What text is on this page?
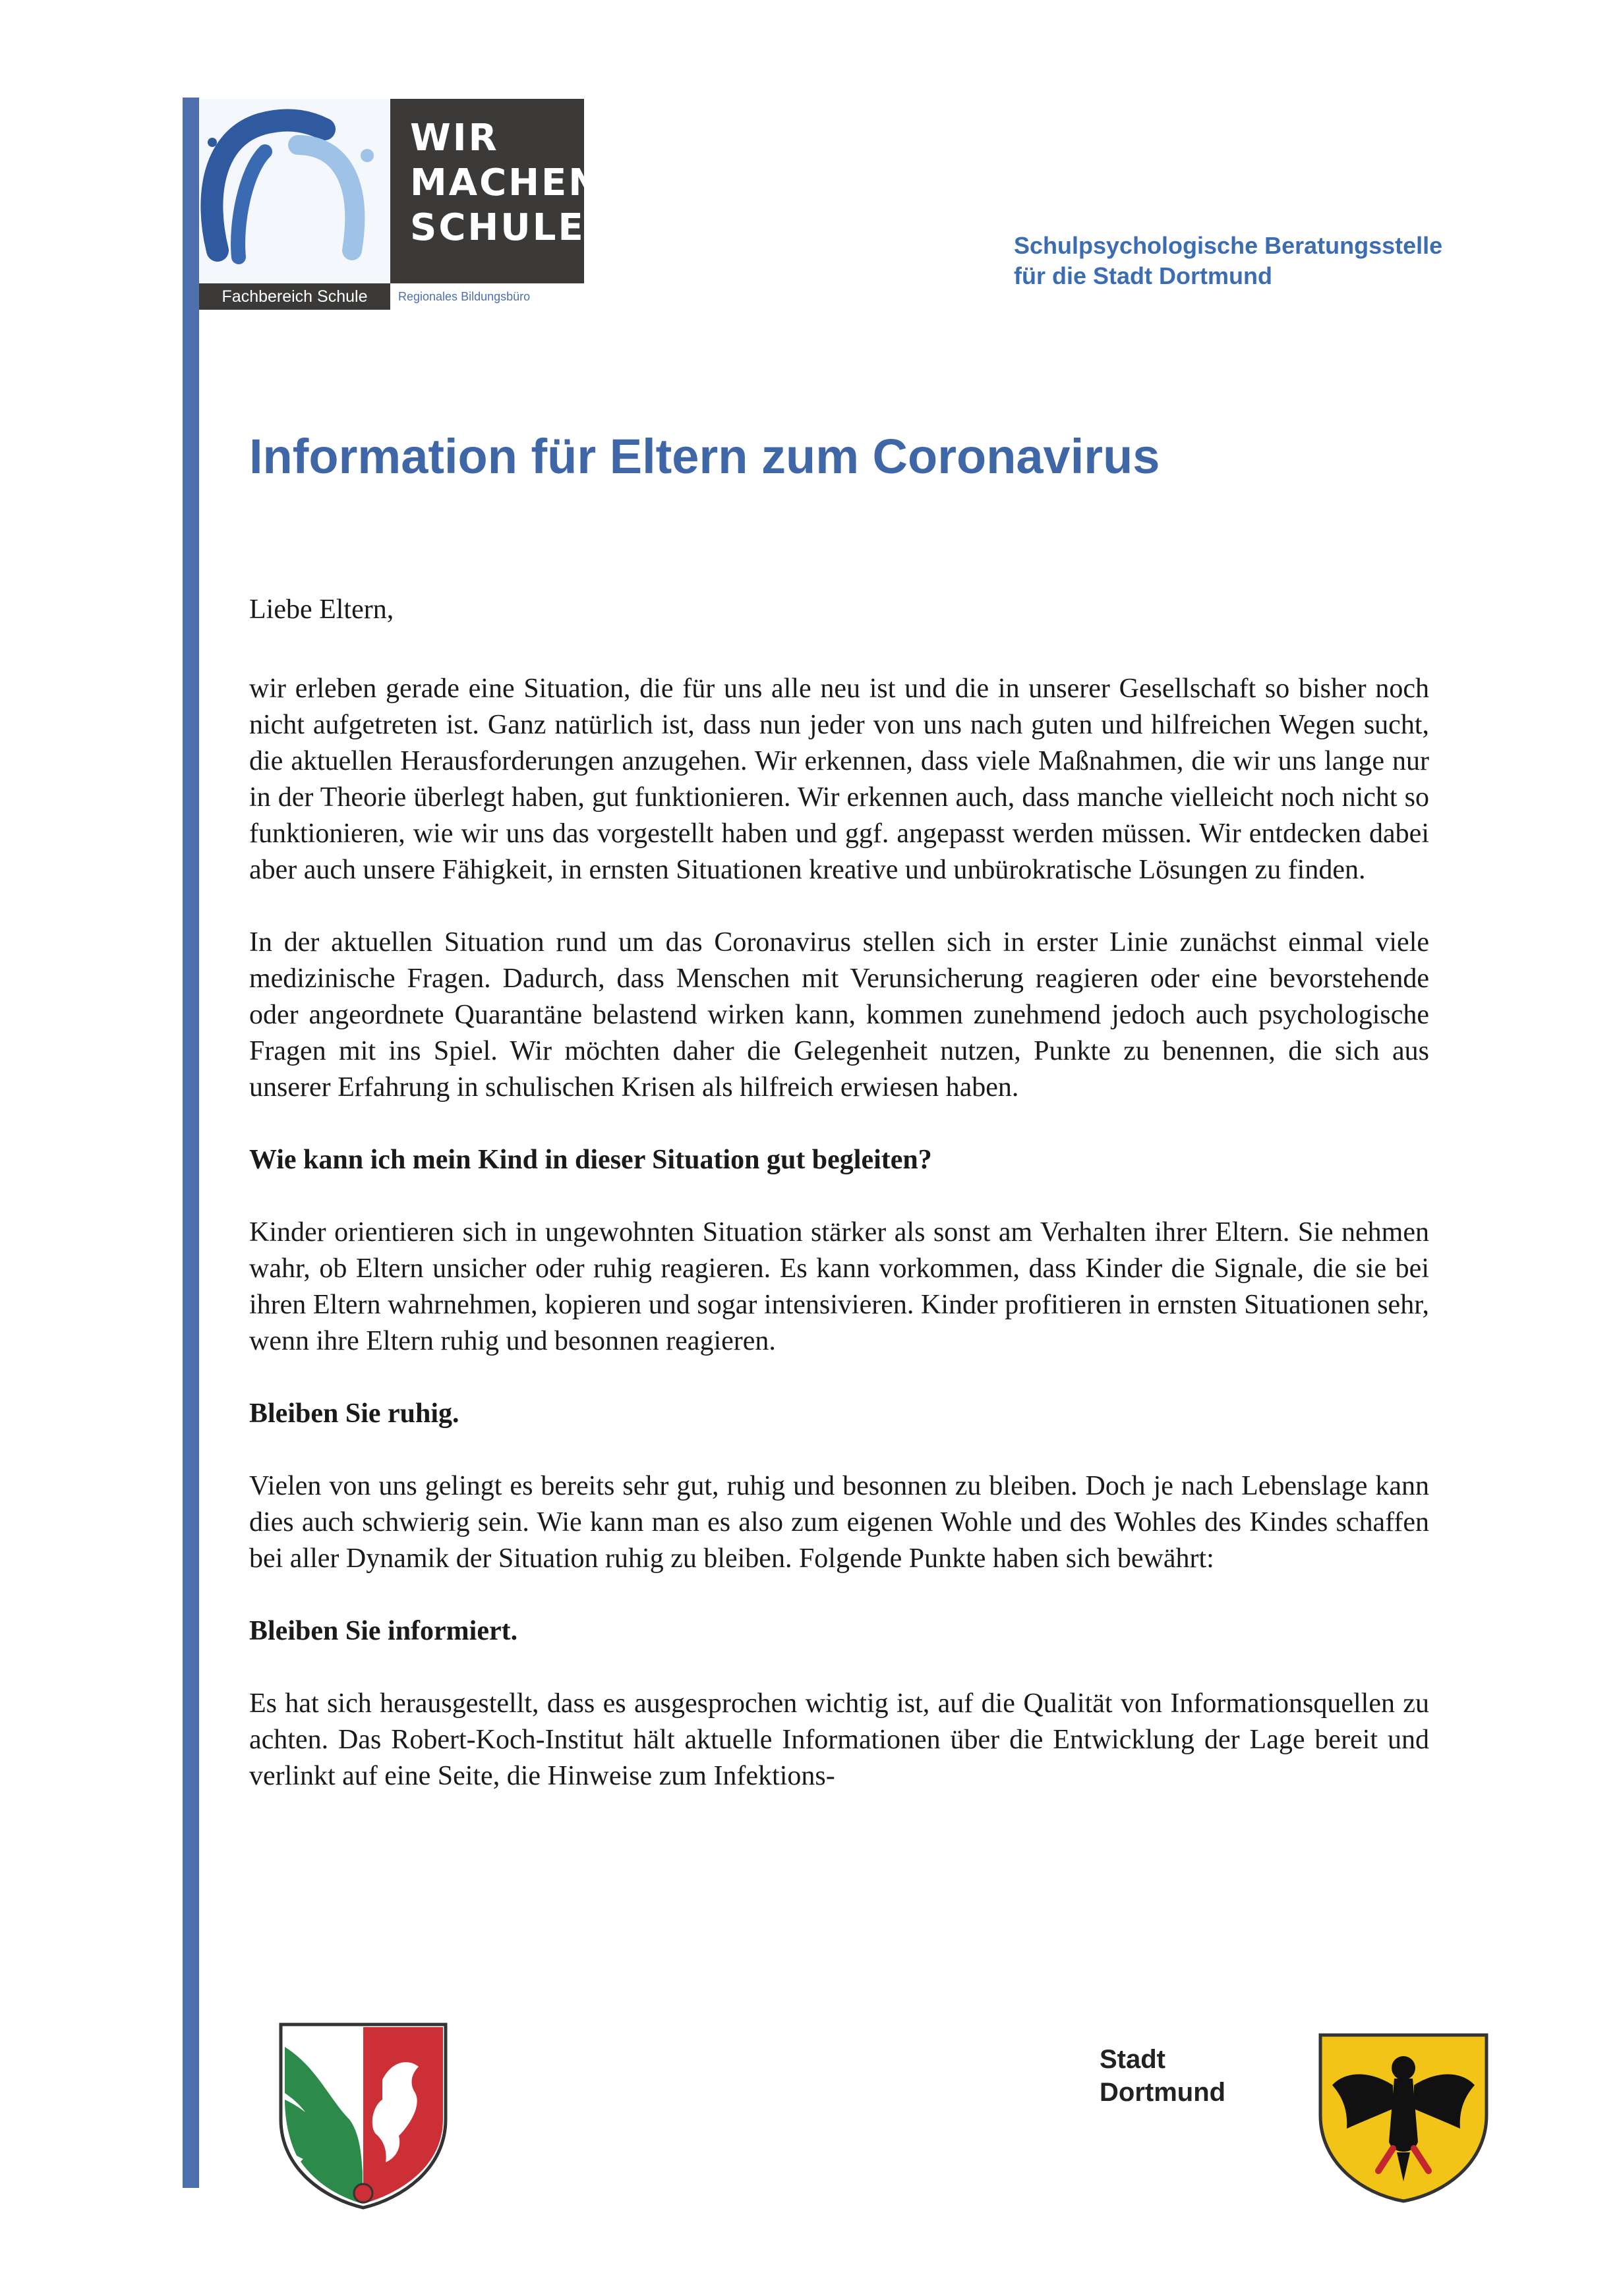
WIR
MACHEN
SCHULE
Fachbereich Schule	Regionales Bildungsbüro
Schulpsychologische Beratungsstelle
für die Stadt Dortmund
Information für Eltern zum Coronavirus

Liebe Eltern,

wir erleben gerade eine Situation, die für uns alle neu ist und die in unserer Gesellschaft so bisher noch nicht aufgetreten ist. Ganz natürlich ist, dass nun jeder von uns nach guten und hilfreichen Wegen sucht, die aktuellen Herausforderungen anzugehen. Wir erkennen, dass viele Maßnahmen, die wir uns lange nur in der Theorie überlegt haben, gut funktionieren. Wir erkennen auch, dass manche vielleicht noch nicht so funktionieren, wie wir uns das vorgestellt haben und ggf. angepasst werden müssen. Wir entdecken dabei aber auch unsere Fähigkeit, in ernsten Situationen kreative und unbürokratische Lösungen zu finden.

In der aktuellen Situation rund um das Coronavirus stellen sich in erster Linie zunächst einmal viele medizinische Fragen. Dadurch, dass Menschen mit Verunsicherung reagieren oder eine bevorstehende oder angeordnete Quarantäne belastend wirken kann, kommen zunehmend jedoch auch psychologische Fragen mit ins Spiel. Wir möchten daher die Gelegenheit nutzen, Punkte zu benennen, die sich aus unserer Erfahrung in schulischen Krisen als hilfreich erwiesen haben.

Wie kann ich mein Kind in dieser Situation gut begleiten?

Kinder orientieren sich in ungewohnten Situation stärker als sonst am Verhalten ihrer Eltern. Sie nehmen wahr, ob Eltern unsicher oder ruhig reagieren. Es kann vorkommen, dass Kinder die Signale, die sie bei ihren Eltern wahrnehmen, kopieren und sogar intensivieren. Kinder profitieren in ernsten Situationen sehr, wenn ihre Eltern ruhig und besonnen reagieren.

Bleiben Sie ruhig.

Vielen von uns gelingt es bereits sehr gut, ruhig und besonnen zu bleiben. Doch je nach Lebenslage kann dies auch schwierig sein. Wie kann man es also zum eigenen Wohle und des Wohles des Kindes schaffen bei aller Dynamik der Situation ruhig zu bleiben. Folgende Punkte haben sich bewährt:

Bleiben Sie informiert.

Es hat sich herausgestellt, dass es ausgesprochen wichtig ist, auf die Qualität von Informationsquellen zu achten. Das Robert-Koch-Institut hält aktuelle Informationen über die Entwicklung der Lage bereit und verlinkt auf eine Seite, die Hinweise zum Infektions-

Stadt Dortmund
